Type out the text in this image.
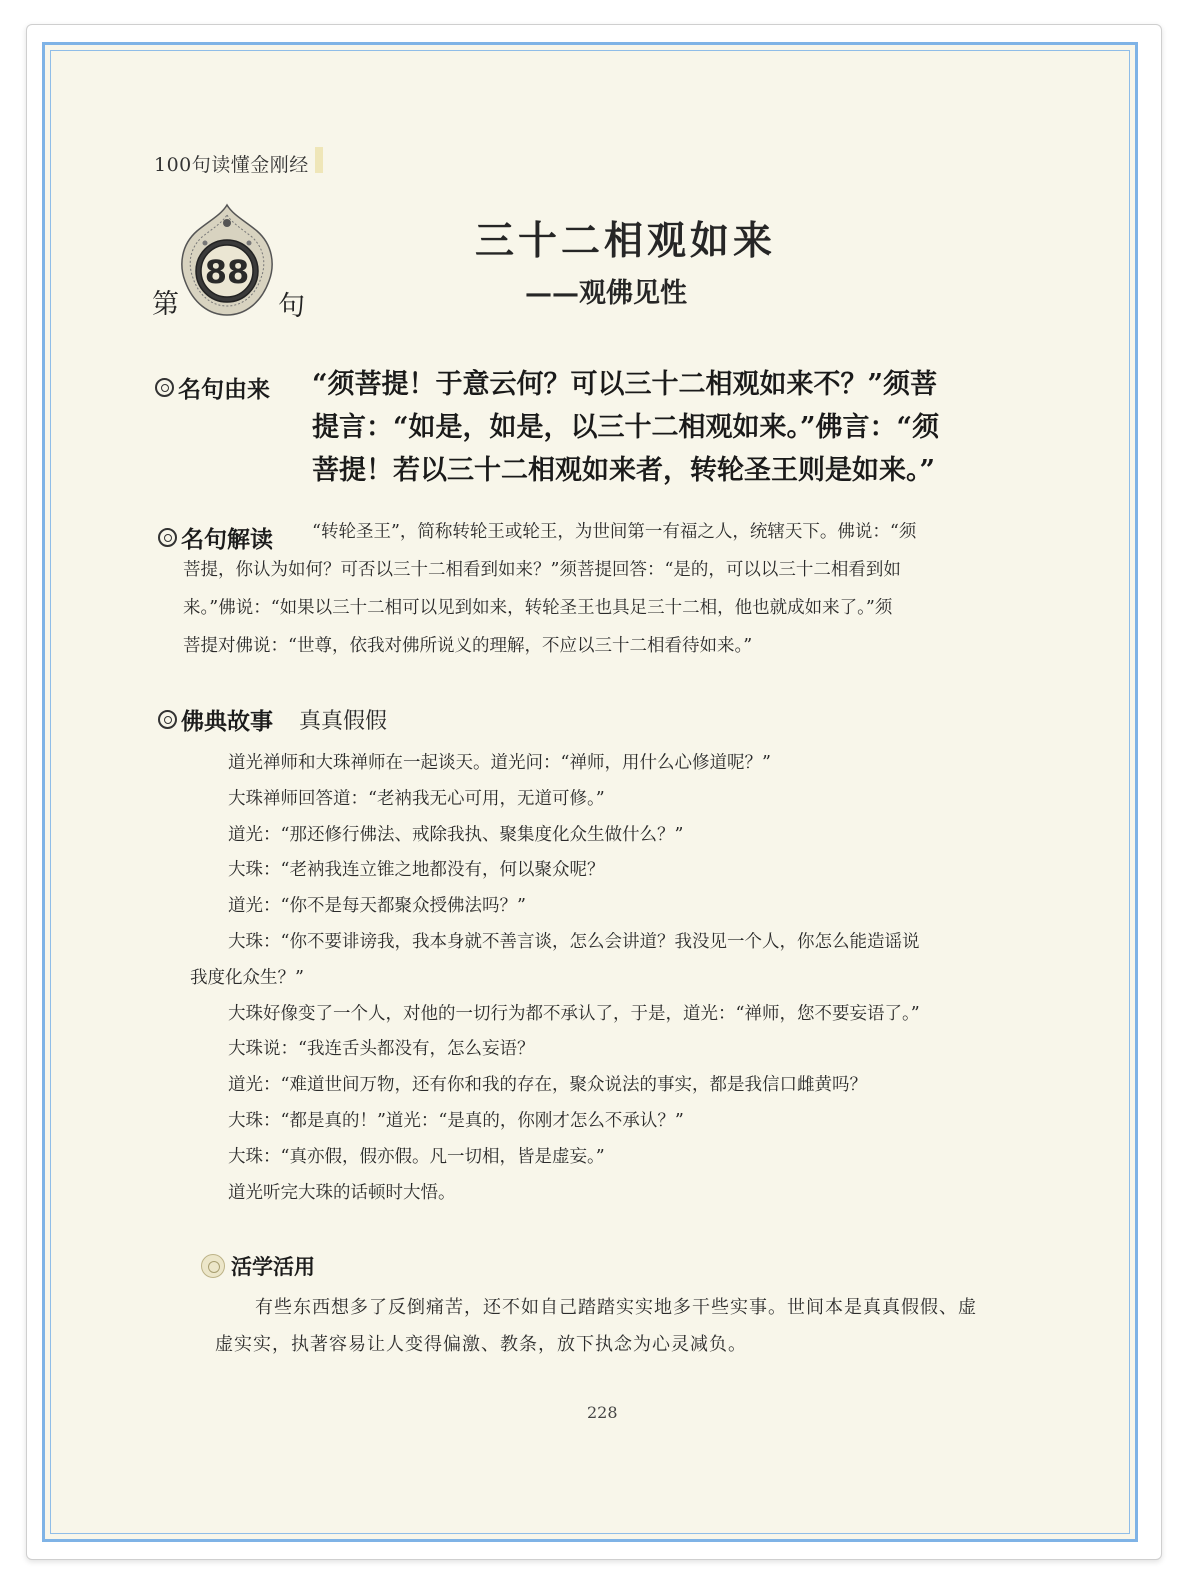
100句读懂金刚经
88
第	句
三十二相观如来
——观佛见性
名句由来 “须菩提！于意云何？可以三十二相观如来不？”须菩

提言：“如是，如是，以三十二相观如来。”佛言：“须

菩提！若以三十二相观如来者，转轮圣王则是如来。”

名句解读 “转轮圣王”，简称转轮王或轮王，为世间第一有福之人，统辖天下。佛说：“须

菩提，你认为如何？可否以三十二相看到如来？”须菩提回答：“是的，可以以三十二相看到如

来。”佛说：“如果以三十二相可以见到如来，转轮圣王也具足三十二相，他也就成如来了。”须

菩提对佛说：“世尊，依我对佛所说义的理解，不应以三十二相看待如来。”

佛典故事 真真假假

道光禅师和大珠禅师在一起谈天。道光问：“禅师，用什么心修道呢？”

大珠禅师回答道：“老衲我无心可用，无道可修。”

道光：“那还修行佛法、戒除我执、聚集度化众生做什么？”

大珠：“老衲我连立锥之地都没有，何以聚众呢？

道光：“你不是每天都聚众授佛法吗？”

大珠：“你不要诽谤我，我本身就不善言谈，怎么会讲道？我没见一个人，你怎么能造谣说

我度化众生？”

大珠好像变了一个人，对他的一切行为都不承认了，于是，道光：“禅师，您不要妄语了。”

大珠说：“我连舌头都没有，怎么妄语？

道光：“难道世间万物，还有你和我的存在，聚众说法的事实，都是我信口雌黄吗？

大珠：“都是真的！”道光：“是真的，你刚才怎么不承认？”

大珠：“真亦假，假亦假。凡一切相，皆是虚妄。”

道光听完大珠的话顿时大悟。

活学活用

有些东西想多了反倒痛苦，还不如自己踏踏实实地多干些实事。世间本是真真假假、虚

虚实实，执著容易让人变得偏激、教条，放下执念为心灵减负。

228
